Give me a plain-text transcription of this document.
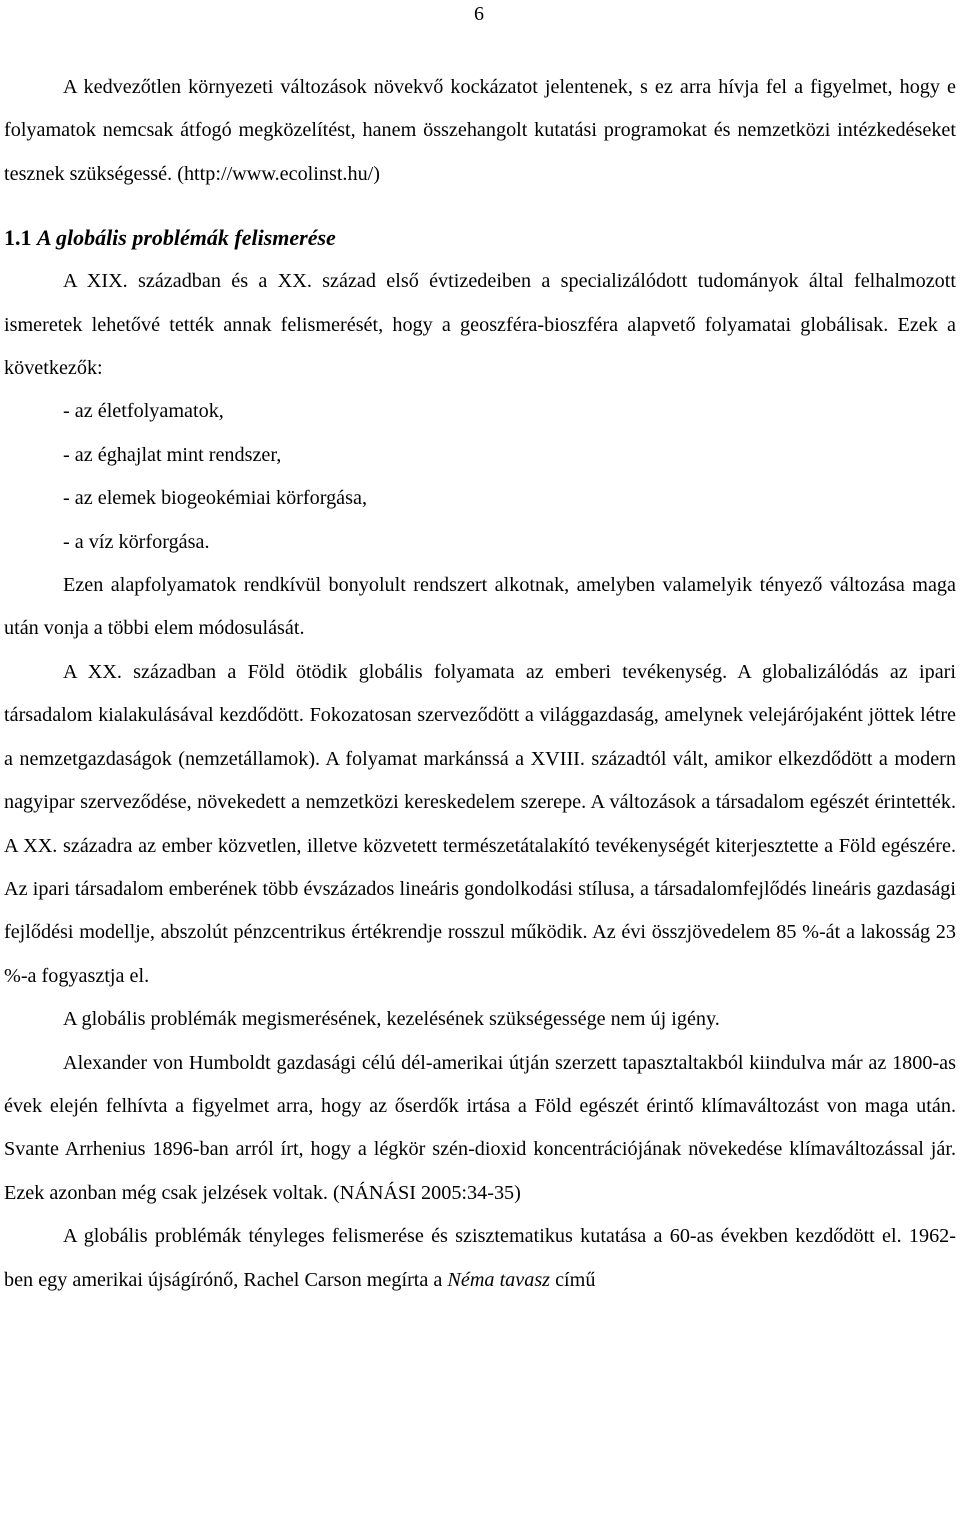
6

A kedvezőtlen környezeti változások növekvő kockázatot jelentenek, s ez arra hívja fel a figyelmet, hogy e folyamatok nemcsak átfogó megközelítést, hanem összehangolt kutatási programokat és nemzetközi intézkedéseket tesznek szükségessé. (http://www.ecolinst.hu/)

1.1 A globális problémák felismerése

A XIX. században és a XX. század első évtizedeiben a specializálódott tudományok által felhalmozott ismeretek lehetővé tették annak felismerését, hogy a geoszféra-bioszféra alapvető folyamatai globálisak. Ezek a következők:

- az életfolyamatok,
- az éghajlat mint rendszer,
- az elemek biogeokémiai körforgása,
- a víz körforgása.

Ezen alapfolyamatok rendkívül bonyolult rendszert alkotnak, amelyben valamelyik tényező változása maga után vonja a többi elem módosulását.

A XX. században a Föld ötödik globális folyamata az emberi tevékenység. A globalizálódás az ipari társadalom kialakulásával kezdődött. Fokozatosan szerveződött a világgazdaság, amelynek velejárójaként jöttek létre a nemzetgazdaságok (nemzetállamok). A folyamat markánssá a XVIII. századtól vált, amikor elkezdődött a modern nagyipar szerveződése, növekedett a nemzetközi kereskedelem szerepe. A változások a társadalom egészét érintették. A XX. századra az ember közvetlen, illetve közvetett természetátalakító tevékenységét kiterjesztette a Föld egészére. Az ipari társadalom emberének több évszázados lineáris gondolkodási stílusa, a társadalomfejlődés lineáris gazdasági fejlődési modellje, abszolút pénzcentrikus értékrendje rosszul működik. Az évi összjövedelem 85 %-át a lakosság 23 %-a fogyasztja el.

A globális problémák megismerésének, kezelésének szükségessége nem új igény.

Alexander von Humboldt gazdasági célú dél-amerikai útján szerzett tapasztaltakból kiindulva már az 1800-as évek elején felhívta a figyelmet arra, hogy az őserdők irtása a Föld egészét érintő klímaváltozást von maga után. Svante Arrhenius 1896-ban arról írt, hogy a légkör szén-dioxid koncentrációjának növekedése klímaváltozással jár. Ezek azonban még csak jelzések voltak. (NÁNÁSI 2005:34-35)

A globális problémák tényleges felismerése és szisztematikus kutatása a 60-as években kezdődött el. 1962-ben egy amerikai újságírónő, Rachel Carson megírta a Néma tavasz című
